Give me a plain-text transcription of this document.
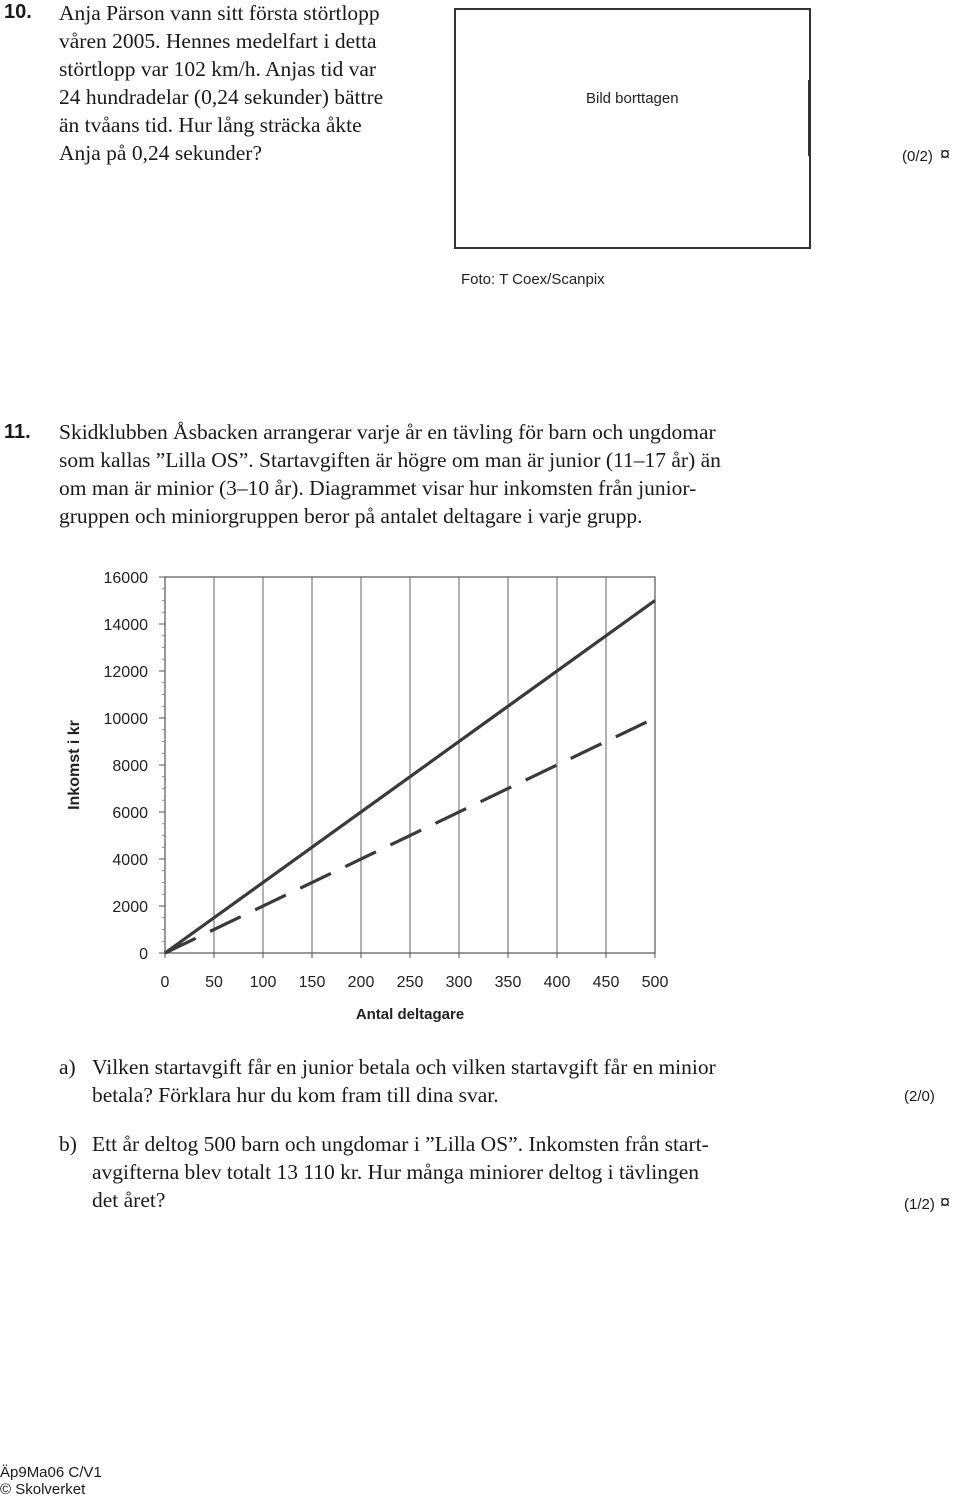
10. Anja Pärson vann sitt första störtlopp
våren 2005. Hennes medelfart i detta
störtlopp var 102 km/h. Anjas tid var
24 hundradelar (0,24 sekunder) bättre
än tvåans tid. Hur lång sträcka åkte
Anja på 0,24 sekunder?
Bild borttagen
Foto: T Coex/Scanpix
(0/2) ¤
11. Skidklubben Åsbacken arrangerar varje år en tävling för barn och ungdomar
som kallas ”Lilla OS”. Startavgiften är högre om man är junior (11–17 år) än
om man är minior (3–10 år). Diagrammet visar hur inkomsten från junior-
gruppen och miniorgruppen beror på antalet deltagare i varje grupp.
0 50 100 150 200 250 300 350 400 450 500
0
2000
4000
6000
8000
10000
12000
14000
16000
Inkomst i kr
Antal deltagare
a) Vilken startavgift får en junior betala och vilken startavgift får en minior
betala? Förklara hur du kom fram till dina svar.	(2/0)
b) Ett år deltog 500 barn och ungdomar i ”Lilla OS”. Inkomsten från start-
avgifterna blev totalt 13 110 kr. Hur många miniorer deltog i tävlingen
det året?	(1/2) ¤
Äp9Ma06 C/V1
© Skolverket
